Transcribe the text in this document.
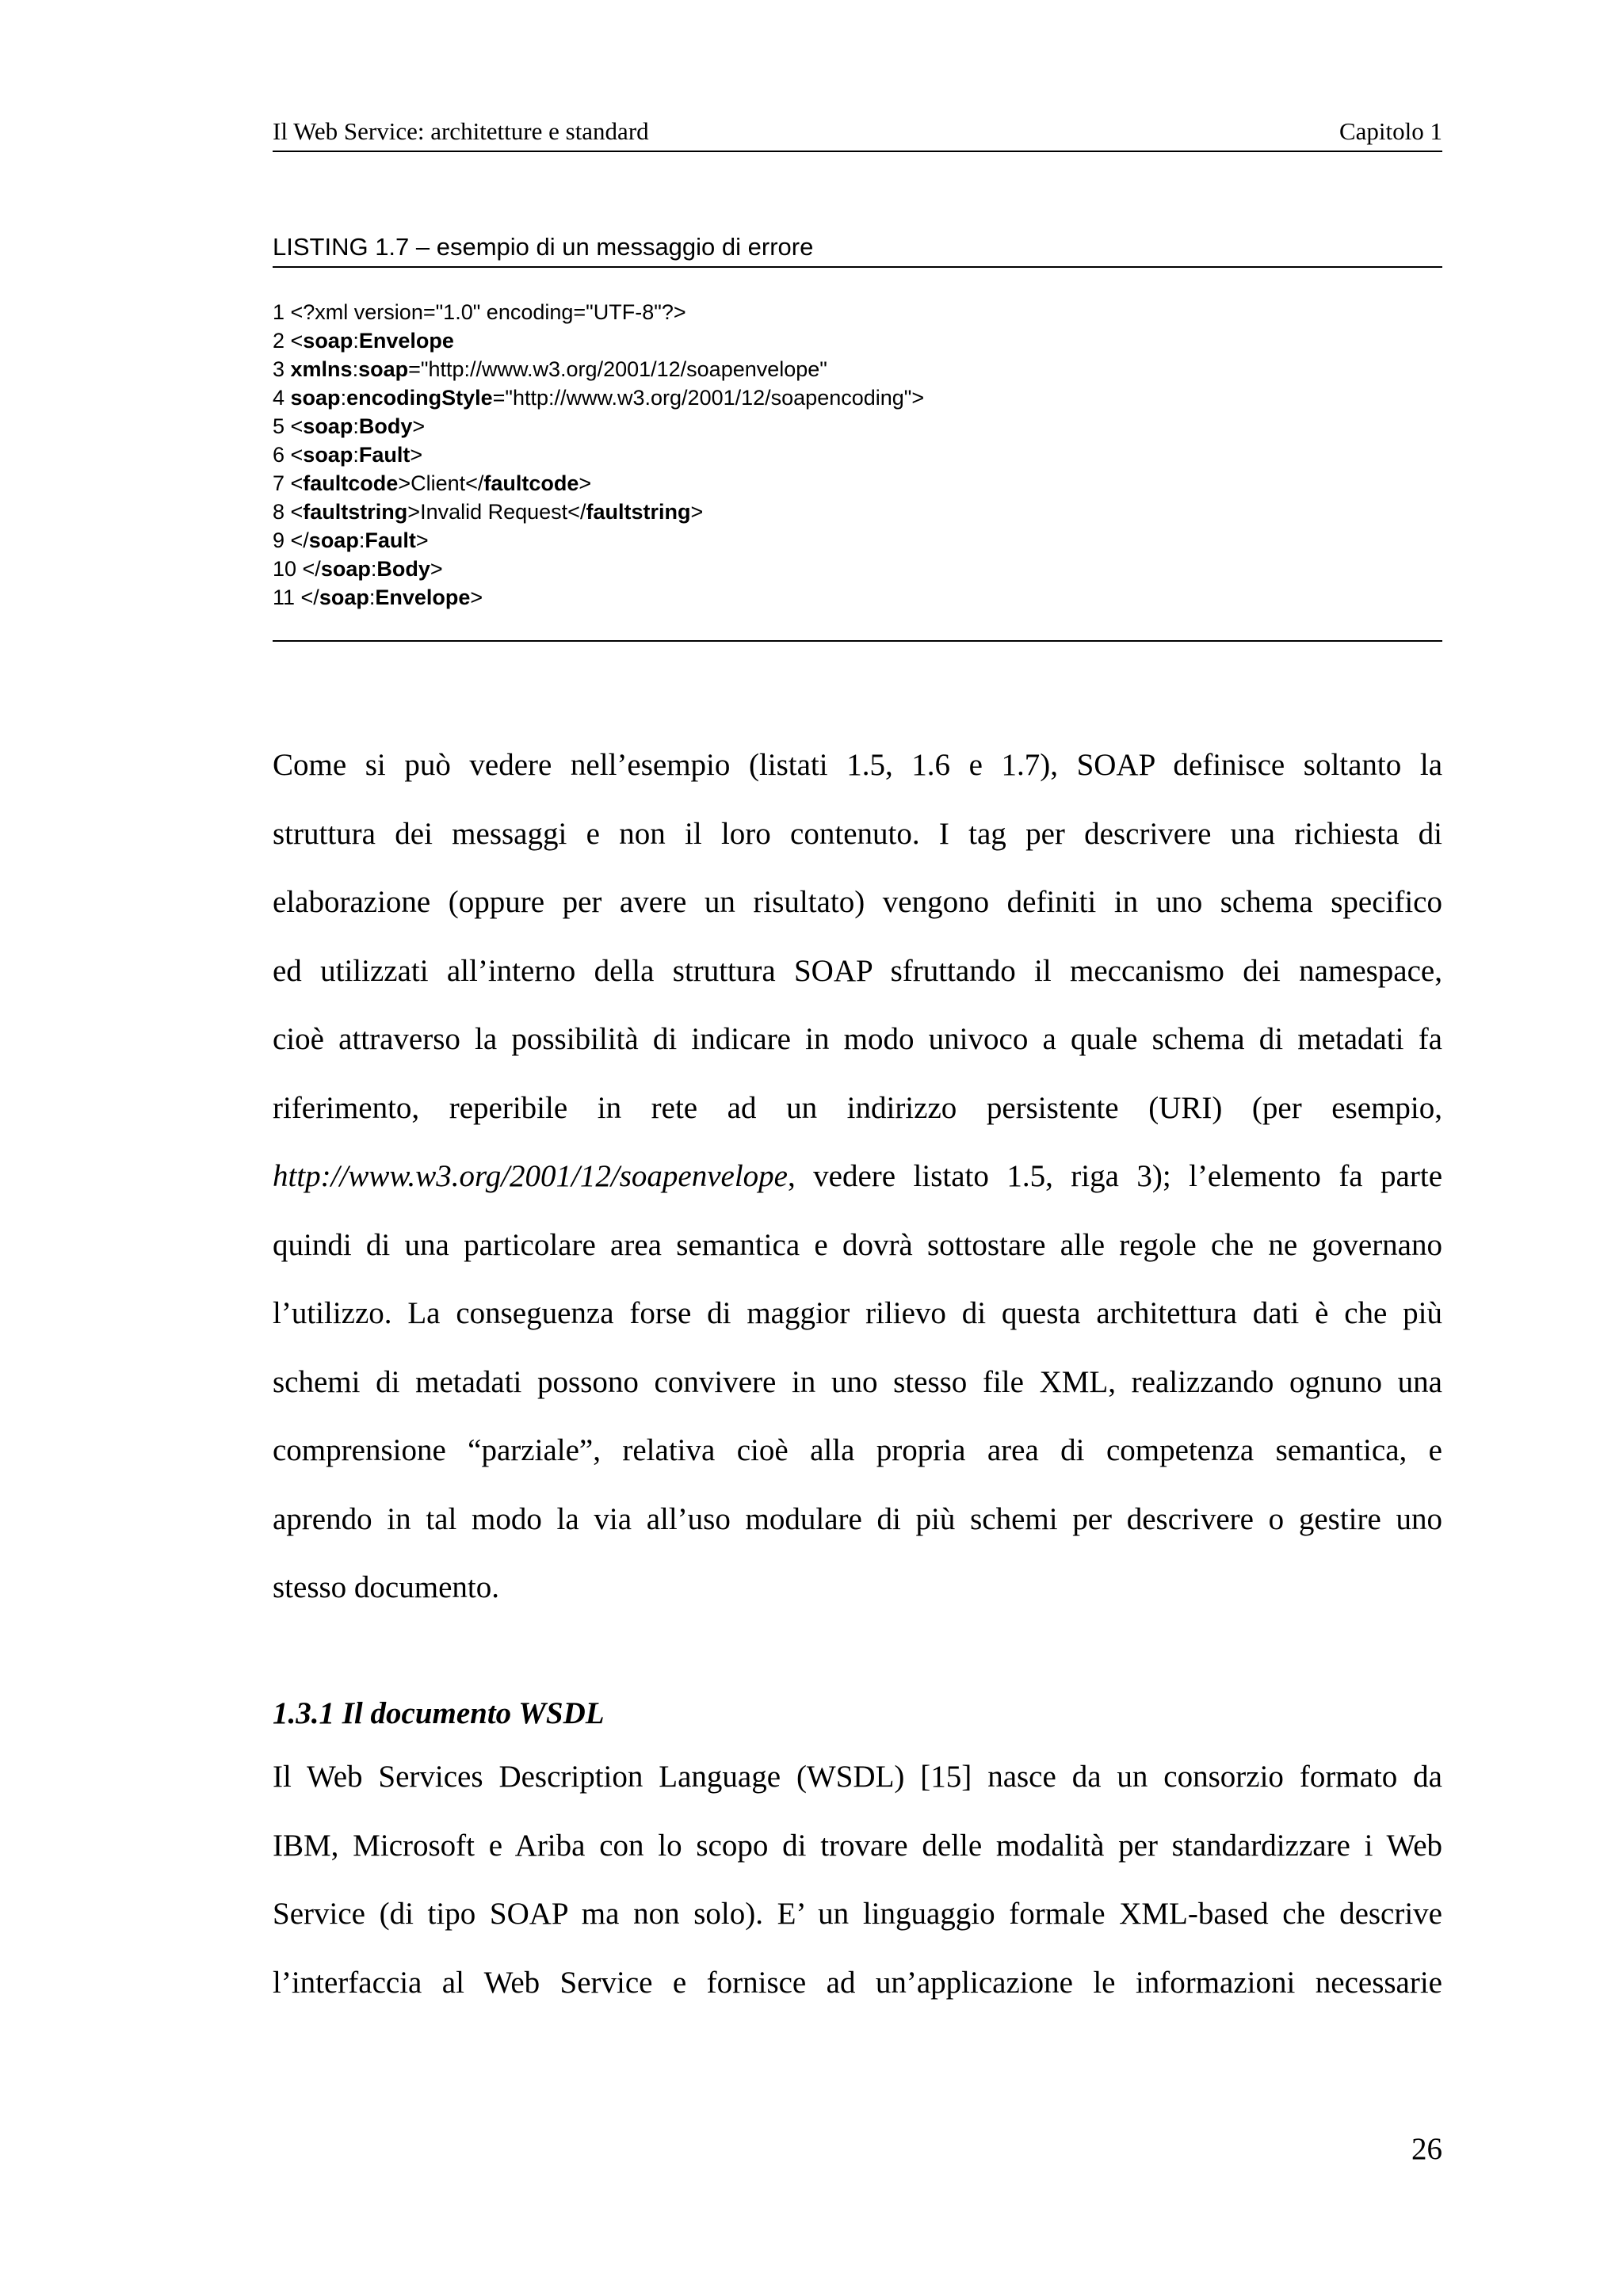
Il Web Service: architetture e standard	Capitolo 1
LISTING 1.7 – esempio di un messaggio di errore
1 <?xml version="1.0" encoding="UTF-8"?>
2 <soap:Envelope
3 xmlns:soap="http://www.w3.org/2001/12/soapenvelope"
4 soap:encodingStyle="http://www.w3.org/2001/12/soapencoding">
5 <soap:Body>
6 <soap:Fault>
7 <faultcode>Client</faultcode>
8 <faultstring>Invalid Request</faultstring>
9 </soap:Fault>
10 </soap:Body>
11 </soap:Envelope>
Come si può vedere nell’esempio (listati 1.5, 1.6 e 1.7), SOAP definisce soltanto la
struttura dei messaggi e non il loro contenuto. I tag per descrivere una richiesta di
elaborazione (oppure per avere un risultato) vengono definiti in uno schema specifico
ed utilizzati all’interno della struttura SOAP sfruttando il meccanismo dei namespace,
cioè attraverso la possibilità di indicare in modo univoco a quale schema di metadati fa
riferimento, reperibile in rete ad un indirizzo persistente (URI) (per esempio,
http://www.w3.org/2001/12/soapenvelope, vedere listato 1.5, riga 3); l’elemento fa parte
quindi di una particolare area semantica e dovrà sottostare alle regole che ne governano
l’utilizzo. La conseguenza forse di maggior rilievo di questa architettura dati è che più
schemi di metadati possono convivere in uno stesso file XML, realizzando ognuno una
comprensione “parziale”, relativa cioè alla propria area di competenza semantica, e
aprendo in tal modo la via all’uso modulare di più schemi per descrivere o gestire uno
stesso documento.
1.3.1 Il documento WSDL
Il Web Services Description Language (WSDL) [15] nasce da un consorzio formato da
IBM, Microsoft e Ariba con lo scopo di trovare delle modalità per standardizzare i Web
Service (di tipo SOAP ma non solo). E’ un linguaggio formale XML-based che descrive
l’interfaccia al Web Service e fornisce ad un’applicazione le informazioni necessarie
26
